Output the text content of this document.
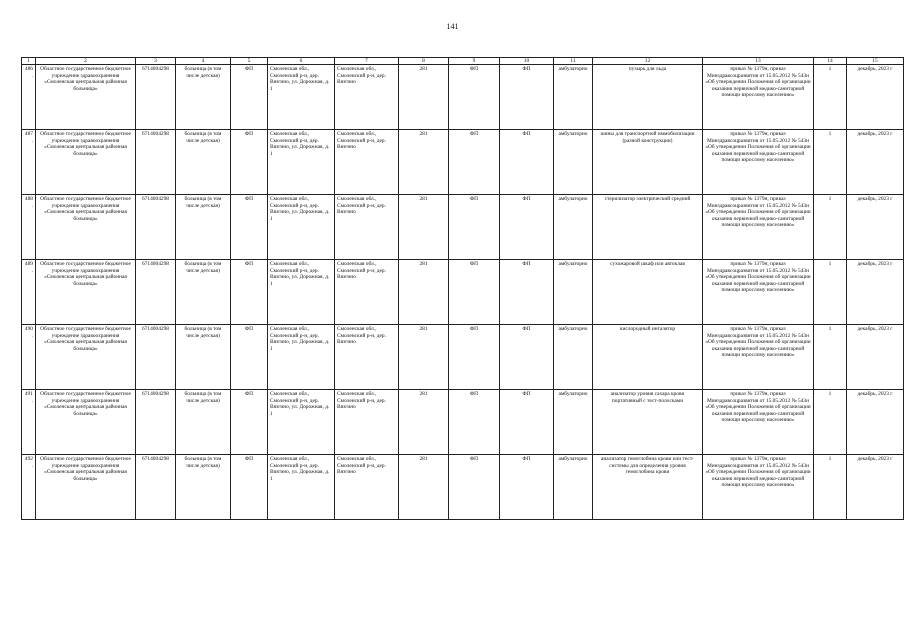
141
1	2	3	4	5	6	7	8	9	10	11	12	13	14	15
486.	Областное государственное бюджетное учреждение здравоохранения «Смоленская центральная районная больница»	6714004298	больница (в том числе детская)	ФП	Смоленская обл., Смоленский р-н, дер. Вязгино, ул. Дорожная, д. 1	Смоленская обл., Смоленский р-н, дер. Вязгино	281	ФП	ФП	амбулаторно	пузырь для льда	приказ № 1379н, приказ Минздравсоцразвития от 15.05.2012 № 543н «Об утверждении Положения об организации оказания первичной медико-санитарной помощи взрослому населению»	1	декабрь, 2023 г
487.	Областное государственное бюджетное учреждение здравоохранения «Смоленская центральная районная больница»	6714004298	больница (в том числе детская)	ФП	Смоленская обл., Смоленский р-н, дер. Вязгино, ул. Дорожная, д. 1	Смоленская обл., Смоленский р-н, дер. Вязгино	281	ФП	ФП	амбулаторно	шины для транспортной иммобилизации (разной конструкции)	приказ № 1379н, приказ Минздравсоцразвития от 15.05.2012 № 543н «Об утверждении Положения об организации оказания первичной медико-санитарной помощи взрослому населению»	1	декабрь, 2023 г
488.	Областное государственное бюджетное учреждение здравоохранения «Смоленская центральная районная больница»	6714004298	больница (в том числе детская)	ФП	Смоленская обл., Смоленский р-н, дер. Вязгино, ул. Дорожная, д. 1	Смоленская обл., Смоленский р-н, дер. Вязгино	281	ФП	ФП	амбулаторно	стерилизатор электрический средний	приказ № 1379н, приказ Минздравсоцразвития от 15.05.2012 № 543н «Об утверждении Положения об организации оказания первичной медико-санитарной помощи взрослому населению»	1	декабрь, 2023 г
489.	Областное государственное бюджетное учреждение здравоохранения «Смоленская центральная районная больница»	6714004298	больница (в том числе детская)	ФП	Смоленская обл., Смоленский р-н, дер. Вязгино, ул. Дорожная, д. 1	Смоленская обл., Смоленский р-н, дер. Вязгино	281	ФП	ФП	амбулаторно	сухожаровой шкаф или автоклав	приказ № 1379н, приказ Минздравсоцразвития от 15.05.2012 № 543н «Об утверждении Положения об организации оказания первичной медико-санитарной помощи взрослому населению»	1	декабрь, 2023 г
490.	Областное государственное бюджетное учреждение здравоохранения «Смоленская центральная районная больница»	6714004298	больница (в том числе детская)	ФП	Смоленская обл., Смоленский р-н, дер. Вязгино, ул. Дорожная, д. 1	Смоленская обл., Смоленский р-н, дер. Вязгино	281	ФП	ФП	амбулаторно	кислородный ингалятор	приказ № 1379н, приказ Минздравсоцразвития от 15.05.2012 № 543н «Об утверждении Положения об организации оказания первичной медико-санитарной помощи взрослому населению»	1	декабрь, 2023 г
491.	Областное государственное бюджетное учреждение здравоохранения «Смоленская центральная районная больница»	6714004298	больница (в том числе детская)	ФП	Смоленская обл., Смоленский р-н, дер. Вязгино, ул. Дорожная, д. 1	Смоленская обл., Смоленский р-н, дер. Вязгино	281	ФП	ФП	амбулаторно	анализатор уровня сахара крови портативный с тест-полосками	приказ № 1379н, приказ Минздравсоцразвития от 15.05.2012 № 543н «Об утверждении Положения об организации оказания первичной медико-санитарной помощи взрослому населению»	1	декабрь, 2023 г
492.	Областное государственное бюджетное учреждение здравоохранения «Смоленская центральная районная больница»	6714004298	больница (в том числе детская)	ФП	Смоленская обл., Смоленский р-н, дер. Вязгино, ул. Дорожная, д. 1	Смоленская обл., Смоленский р-н, дер. Вязгино	281	ФП	ФП	амбулаторно	анализатор гемоглобина крови или тест-системы для определения уровня гемоглобина крови	приказ № 1379н, приказ Минздравсоцразвития от 15.05.2012 № 543н «Об утверждении Положения об организации оказания первичной медико-санитарной помощи взрослому населению»	1	декабрь, 2023 г
